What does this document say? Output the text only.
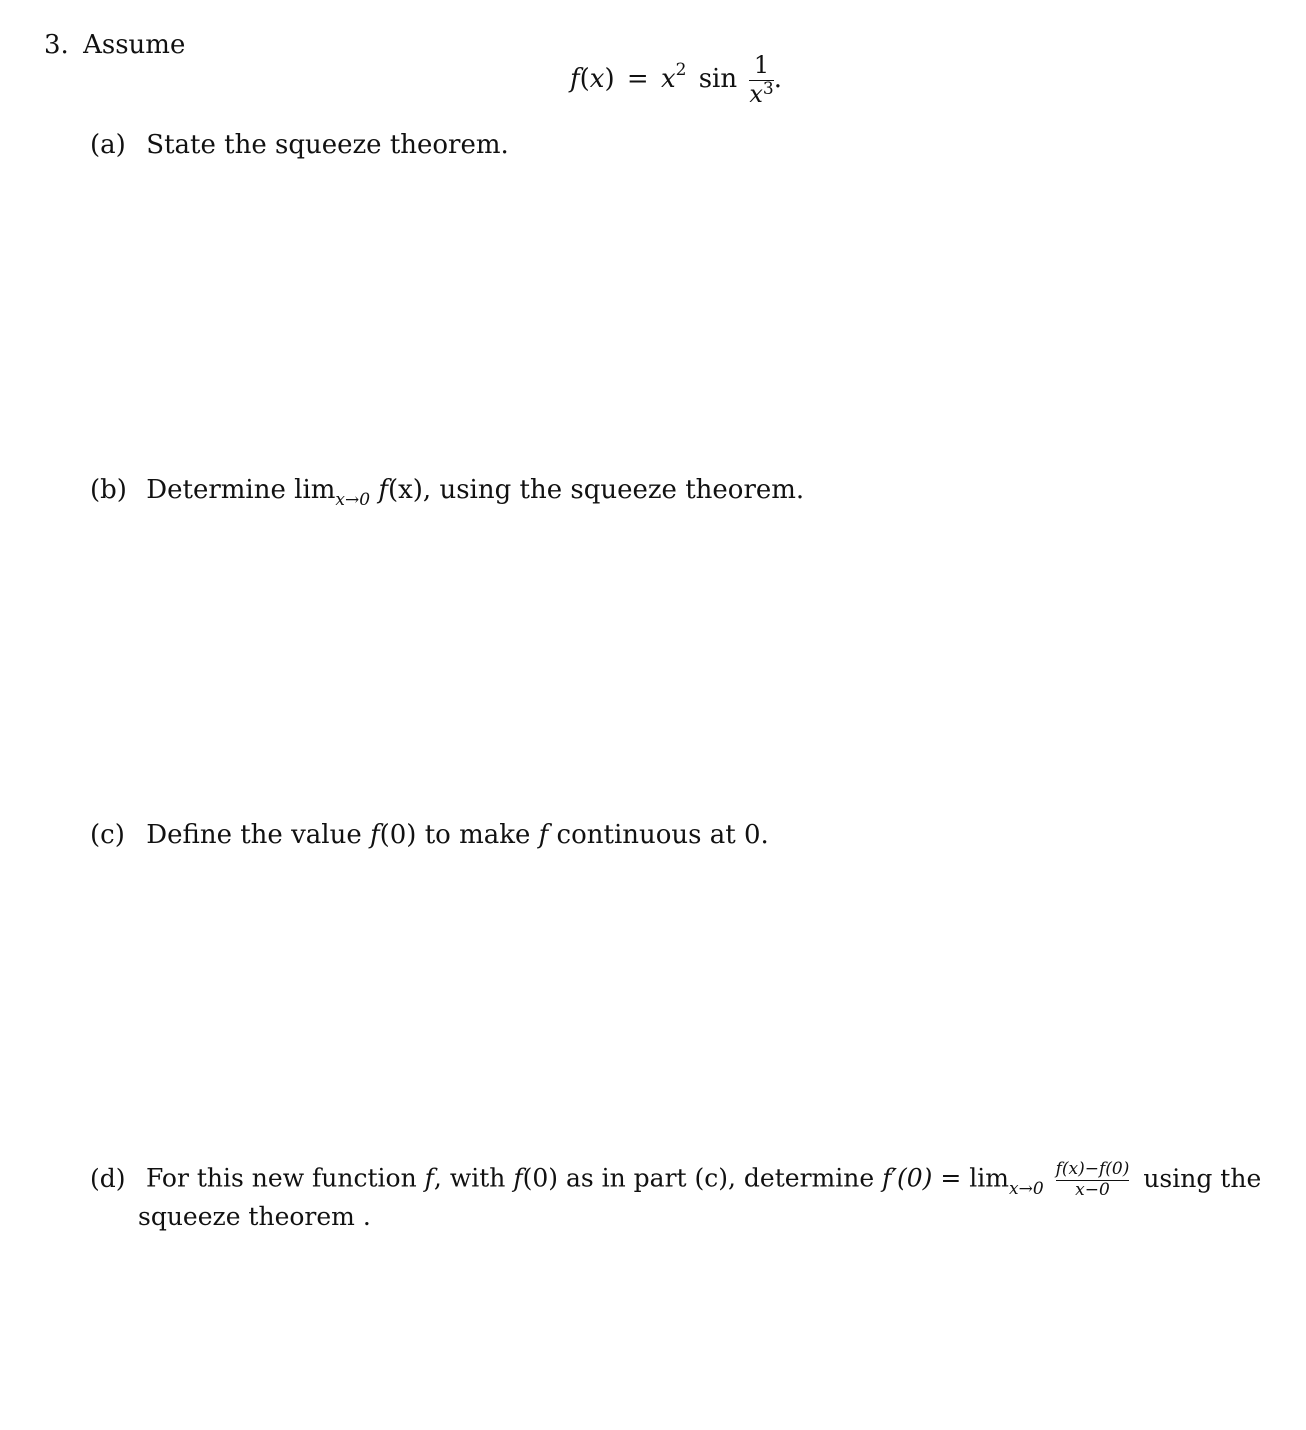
3. Assume
$f(x) = x^2$ $\sin \frac{1}{x^3}$ .
(a) State the squeeze theorem.
(b) Determine $\lim_{x\to 0} f(x)$, using the squeeze theorem.
(c) Define the value f(0) to make f continuous at 0.
(d) For this new function f, with f(0) as in part (c), determine $f'(0) = \lim_{x\to 0} \frac{f(x)-f(0)}{x-0}$ using the
squeeze theorem .
